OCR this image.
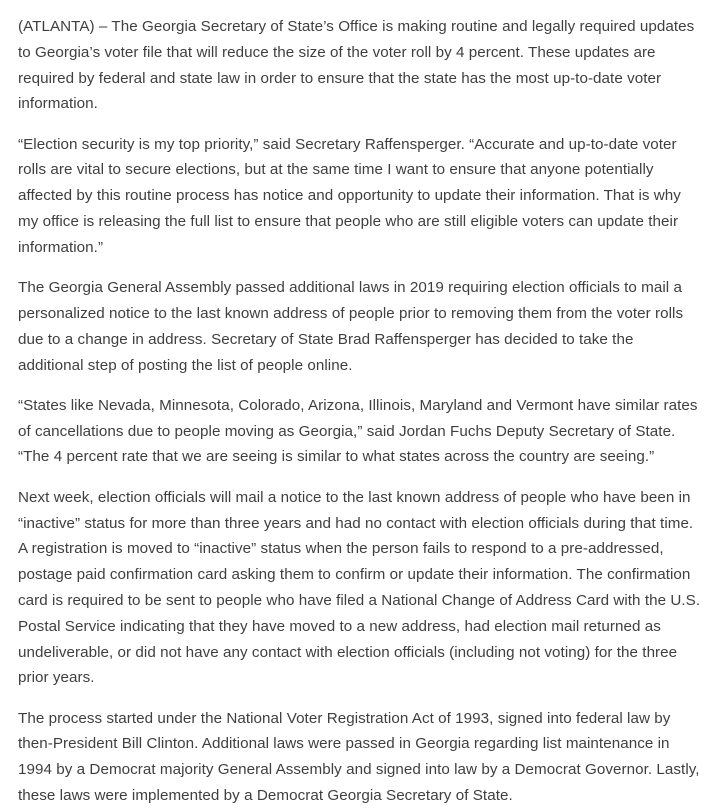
(ATLANTA) – The Georgia Secretary of State’s Office is making routine and legally required updates to Georgia’s voter file that will reduce the size of the voter roll by 4 percent. These updates are required by federal and state law in order to ensure that the state has the most up-to-date voter information.

“Election security is my top priority,” said Secretary Raffensperger. “Accurate and up-to-date voter rolls are vital to secure elections, but at the same time I want to ensure that anyone potentially affected by this routine process has notice and opportunity to update their information. That is why my office is releasing the full list to ensure that people who are still eligible voters can update their information.”

The Georgia General Assembly passed additional laws in 2019 requiring election officials to mail a personalized notice to the last known address of people prior to removing them from the voter rolls due to a change in address. Secretary of State Brad Raffensperger has decided to take the additional step of posting the list of people online.

“States like Nevada, Minnesota, Colorado, Arizona, Illinois, Maryland and Vermont have similar rates of cancellations due to people moving as Georgia,” said Jordan Fuchs Deputy Secretary of State. “The 4 percent rate that we are seeing is similar to what states across the country are seeing.”

Next week, election officials will mail a notice to the last known address of people who have been in “inactive” status for more than three years and had no contact with election officials during that time. A registration is moved to “inactive” status when the person fails to respond to a pre-addressed, postage paid confirmation card asking them to confirm or update their information. The confirmation card is required to be sent to people who have filed a National Change of Address Card with the U.S. Postal Service indicating that they have moved to a new address, had election mail returned as undeliverable, or did not have any contact with election officials (including not voting) for the three prior years.

The process started under the National Voter Registration Act of 1993, signed into federal law by then-President Bill Clinton. Additional laws were passed in Georgia regarding list maintenance in 1994 by a Democrat majority General Assembly and signed into law by a Democrat Governor. Lastly, these laws were implemented by a Democrat Georgia Secretary of State.
